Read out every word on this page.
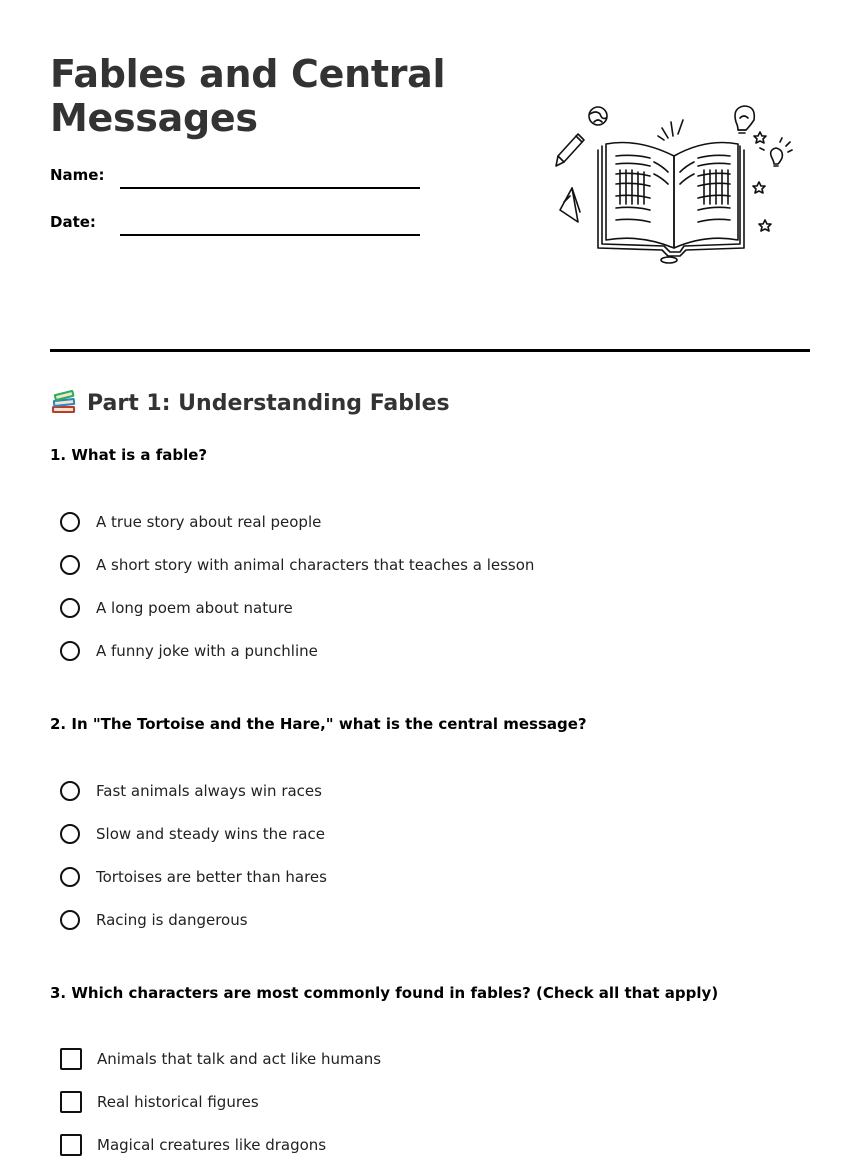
Fables and Central Messages
Name:
Date:
Part 1: Understanding Fables
1. What is a fable?
A true story about real people
A short story with animal characters that teaches a lesson
A long poem about nature
A funny joke with a punchline
2. In "The Tortoise and the Hare," what is the central message?
Fast animals always win races
Slow and steady wins the race
Tortoises are better than hares
Racing is dangerous
3. Which characters are most commonly found in fables? (Check all that apply)
Animals that talk and act like humans
Real historical figures
Magical creatures like dragons
